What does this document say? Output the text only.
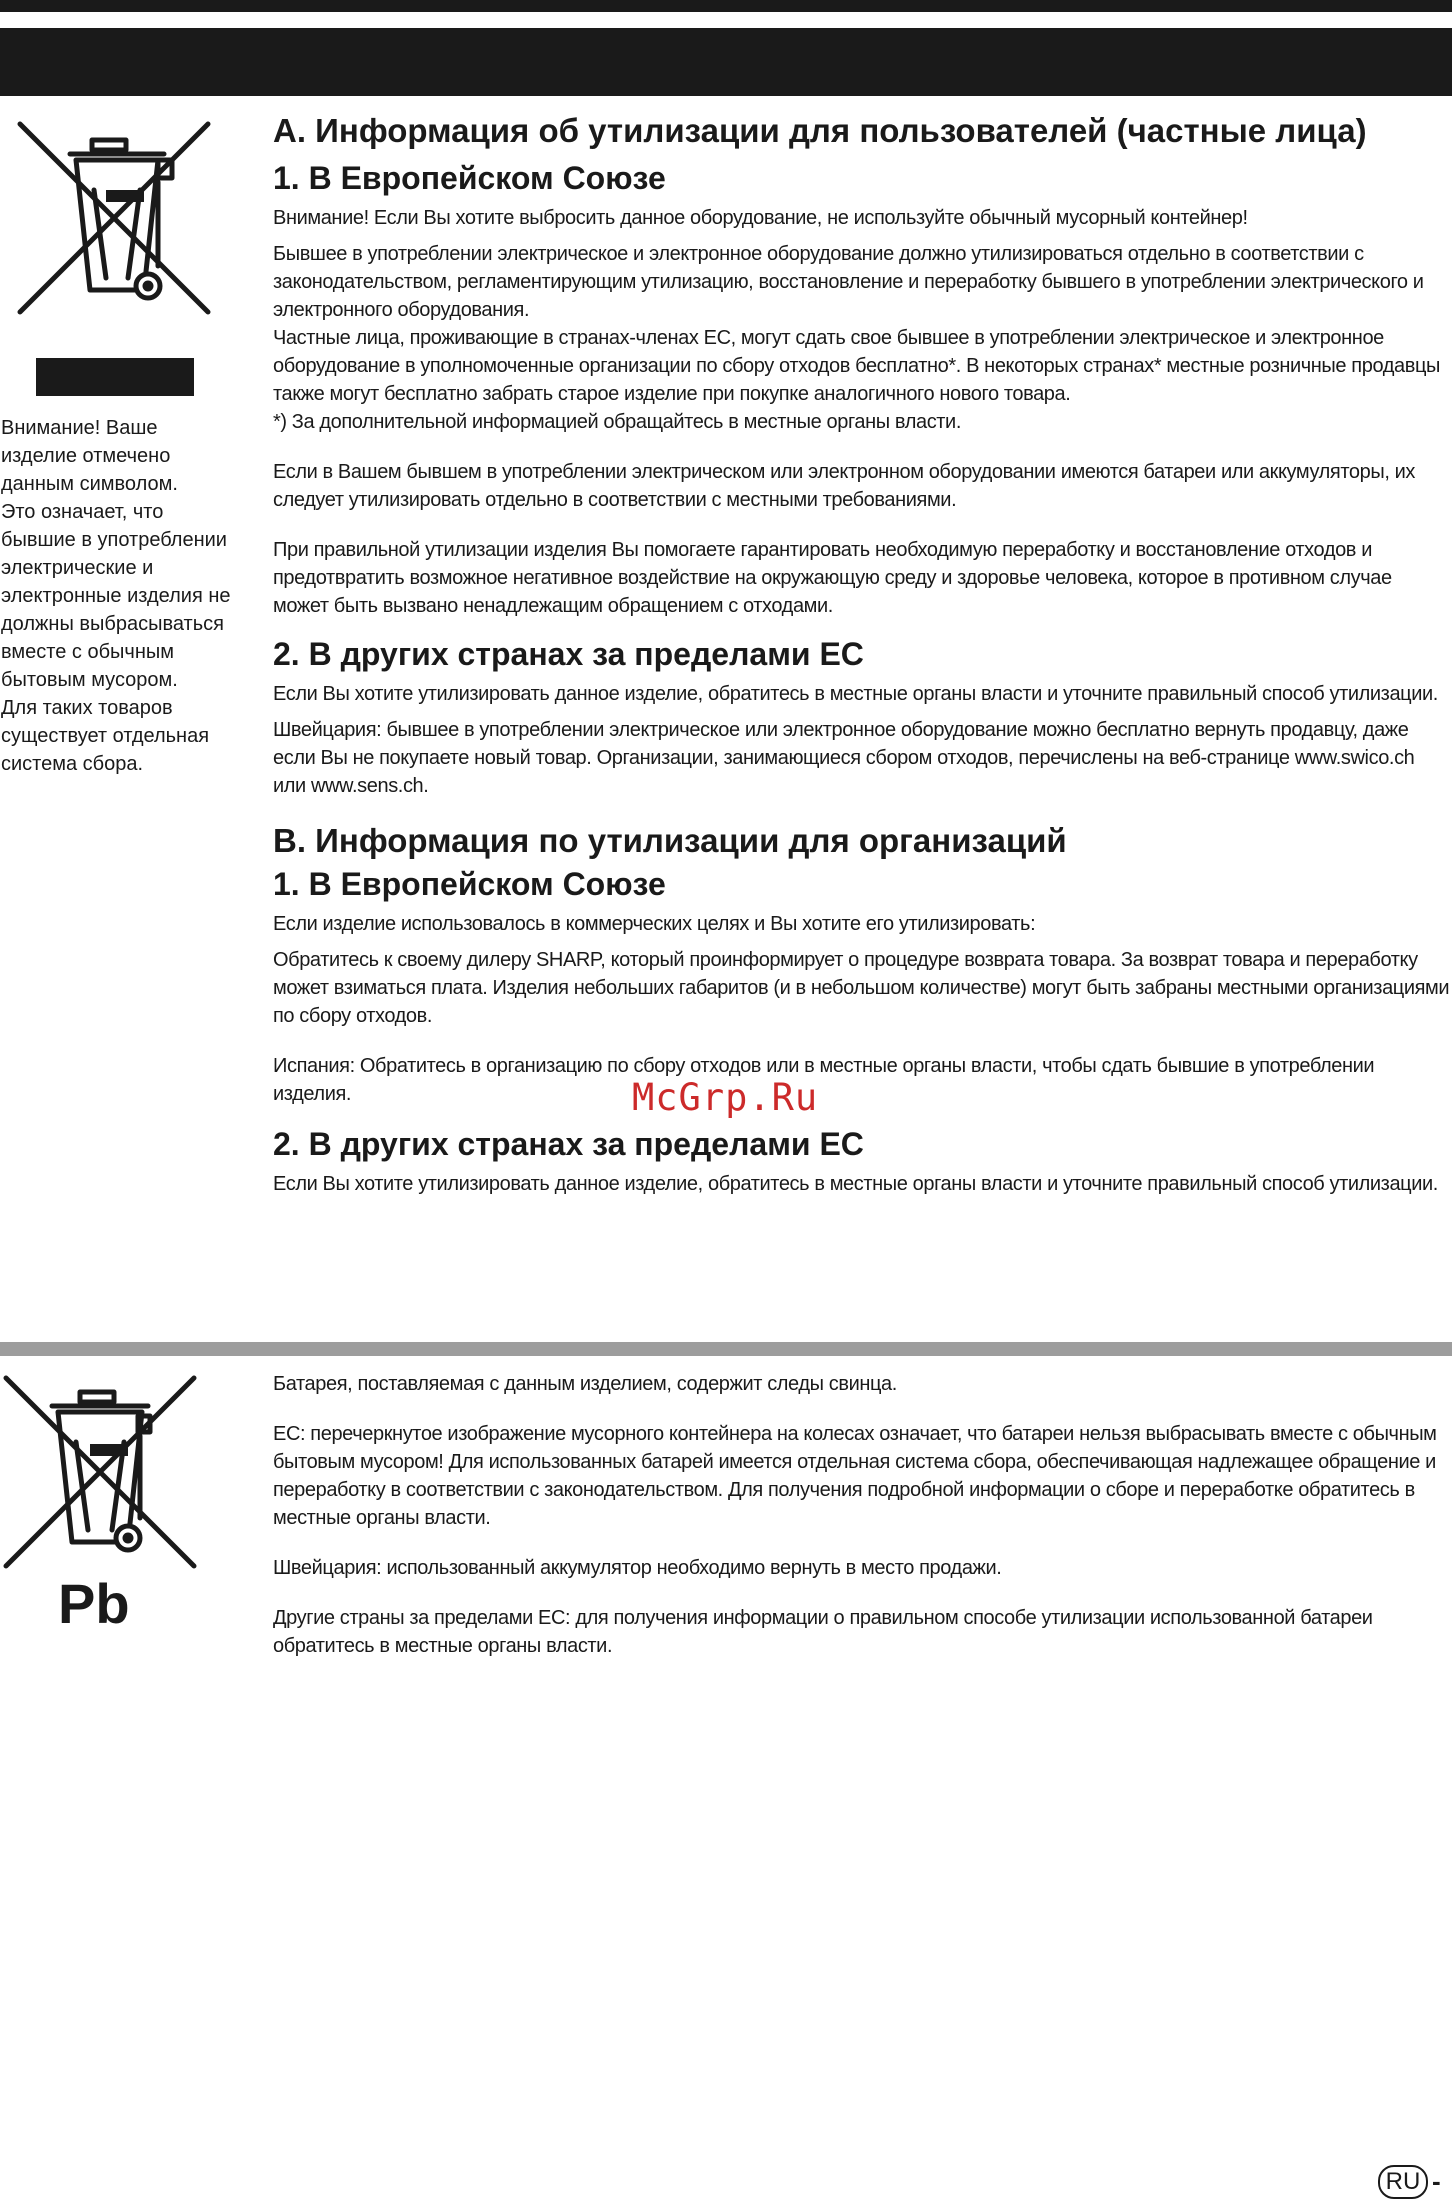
Внимание! Ваше
изделие отмечено
данным символом.
Это означает, что
бывшие в употреблении
электрические и
электронные изделия не
должны выбрасываться
вместе с обычным
бытовым мусором.
Для таких товаров
существует отдельная
система сбора.

A. Информация об утилизации для пользователей (частные лица)
1. В Европейском Союзе

Внимание! Если Вы хотите выбросить данное оборудование, не используйте обычный мусорный контейнер!

Бывшее в употреблении электрическое и электронное оборудование должно утилизироваться отдельно в соответствии с законодательством, регламентирующим утилизацию, восстановление и переработку бывшего в употреблении электрического и электронного оборудования.

Частные лица, проживающие в странах-членах ЕС, могут сдать свое бывшее в употреблении электрическое и электронное оборудование в уполномоченные организации по сбору отходов бесплатно*. В некоторых странах* местные розничные продавцы также могут бесплатно забрать старое изделие при покупке аналогичного нового товара.

*) За дополнительной информацией обращайтесь в местные органы власти.

Если в Вашем бывшем в употреблении электрическом или электронном оборудовании имеются батареи или аккумуляторы, их следует утилизировать отдельно в соответствии с местными требованиями.

При правильной утилизации изделия Вы помогаете гарантировать необходимую переработку и восстановление отходов и предотвратить возможное негативное воздействие на окружающую среду и здоровье человека, которое в противном случае может быть вызвано ненадлежащим обращением с отходами.

2. В других странах за пределами ЕС

Если Вы хотите утилизировать данное изделие, обратитесь в местные органы власти и уточните правильный способ утилизации.

Швейцария: бывшее в употреблении электрическое или электронное оборудование можно бесплатно вернуть продавцу, даже если Вы не покупаете новый товар. Организации, занимающиеся сбором отходов, перечислены на веб-странице www.swico.ch или www.sens.ch.

B. Информация по утилизации для организаций
1. В Европейском Союзе

Если изделие использовалось в коммерческих целях и Вы хотите его утилизировать:

Обратитесь к своему дилеру SHARP, который проинформирует о процедуре возврата товара. За возврат товара и переработку может взиматься плата. Изделия небольших габаритов (и в небольшом количестве) могут быть забраны местными организациями по сбору отходов.

Испания: Обратитесь в организацию по сбору отходов или в местные органы власти, чтобы сдать бывшие в употреблении изделия.

2. В других странах за пределами ЕС

Если Вы хотите утилизировать данное изделие, обратитесь в местные органы власти и уточните правильный способ утилизации.

McGrp.Ru
Pb

Батарея, поставляемая с данным изделием, содержит следы свинца.

ЕС: перечеркнутое изображение мусорного контейнера на колесах означает, что батареи нельзя выбрасывать вместе с обычным бытовым мусором! Для использованных батарей имеется отдельная система сбора, обеспечивающая надлежащее обращение и переработку в соответствии с законодательством. Для получения подробной информации о сборе и переработке обратитесь в местные органы власти.

Швейцария: использованный аккумулятор необходимо вернуть в место продажи.

Другие страны за пределами ЕС: для получения информации о правильном способе утилизации использованной батареи обратитесь в местные органы власти.

RU -
